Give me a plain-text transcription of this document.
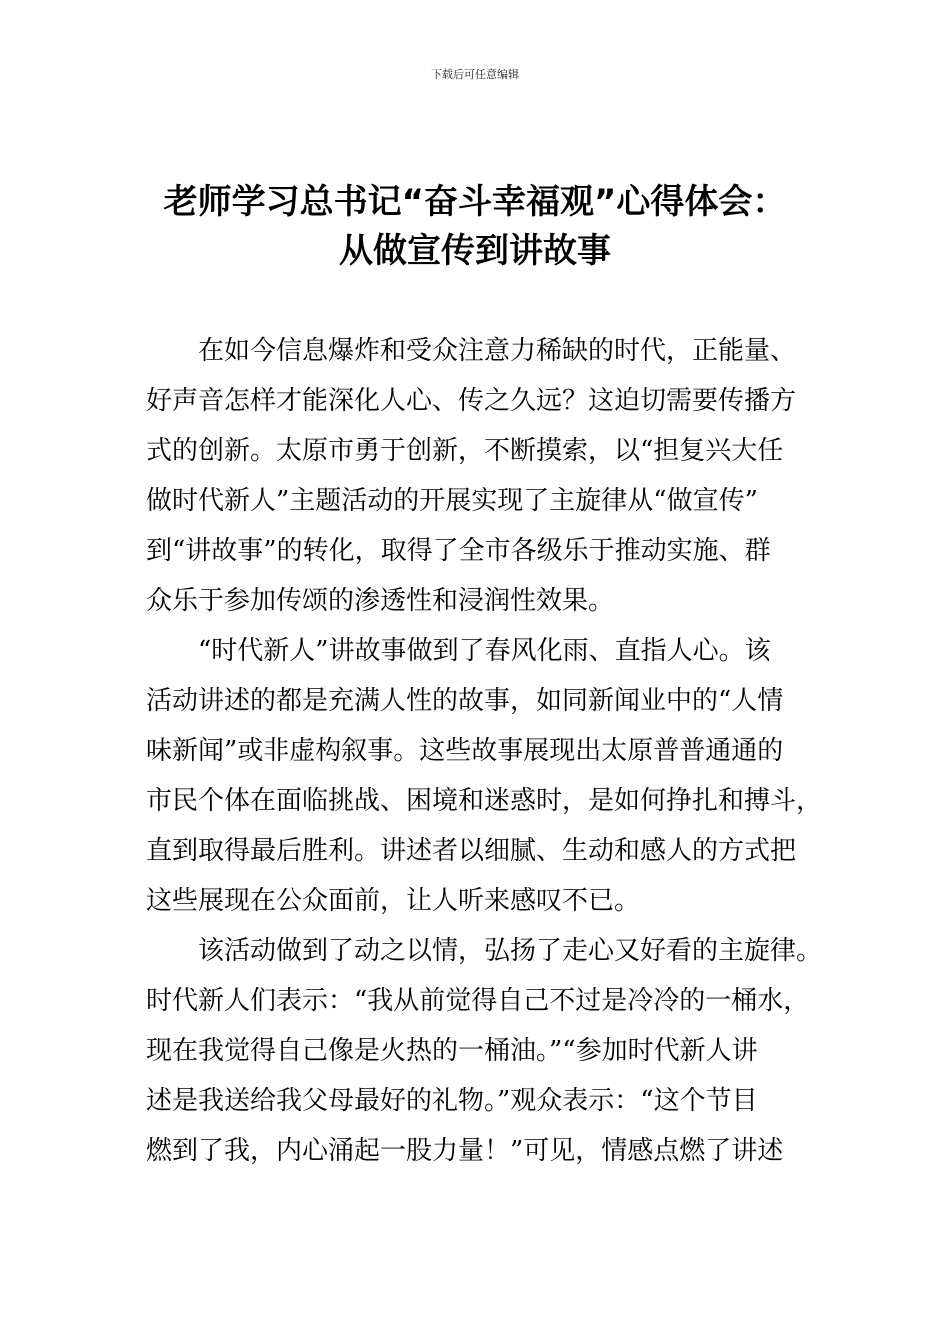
下载后可任意编辑
老师学习总书记“奋斗幸福观”心得体会：
从做宣传到讲故事
在如今信息爆炸和受众注意力稀缺的时代，正能量、
好声音怎样才能深化人心、传之久远？这迫切需要传播方
式的创新。太原市勇于创新，不断摸索，以“担复兴大任
做时代新人”主题活动的开展实现了主旋律从“做宣传”
到“讲故事”的转化，取得了全市各级乐于推动实施、群
众乐于参加传颂的渗透性和浸润性效果。
“时代新人”讲故事做到了春风化雨、直指人心。该
活动讲述的都是充满人性的故事，如同新闻业中的“人情
味新闻”或非虚构叙事。这些故事展现出太原普普通通的
市民个体在面临挑战、困境和迷惑时，是如何挣扎和搏斗，
直到取得最后胜利。讲述者以细腻、生动和感人的方式把
这些展现在公众面前，让人听来感叹不已。
该活动做到了动之以情，弘扬了走心又好看的主旋律。
时代新人们表示：“我从前觉得自己不过是冷冷的一桶水，
现在我觉得自己像是火热的一桶油。”“参加时代新人讲
述是我送给我父母最好的礼物。”观众表示：“这个节目
燃到了我，内心涌起一股力量！”可见，情感点燃了讲述
